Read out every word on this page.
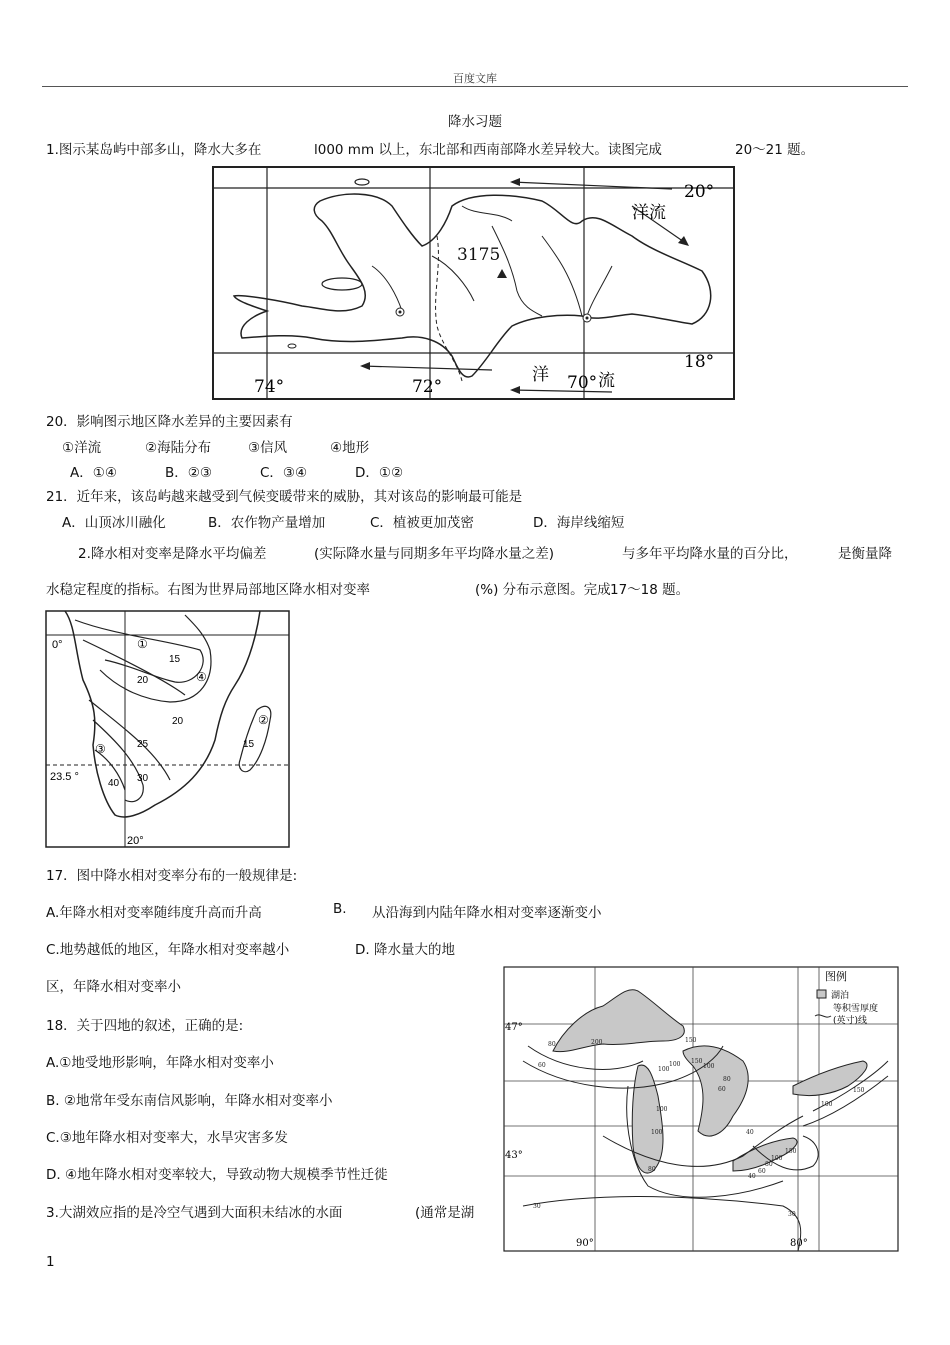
百度文库
降水习题
1.图示某岛屿中部多山，降水大多在	l000 mm 以上，东北部和西南部降水差异较大。读图完成	20～21 题。
3175
洋流
洋	流
20°
18°
74°	72°	70°
20．影响图示地区降水差异的主要因素有
①洋流	②海陆分布	③信风	④地形
A．①④	B．②③	C．③④	D．①②
21．近年来，该岛屿越来越受到气候变暖带来的威胁，其对该岛的影响最可能是
A．山顶冰川融化	B．农作物产量增加	C．植被更加茂密	D．海岸线缩短
2.降水相对变率是降水平均偏差	(实际降水量与同期多年平均降水量之差)	与多年平均降水量的百分比，	是衡量降
水稳定程度的指标。右图为世界局部地区降水相对变率	(%) 分布示意图。完成 17～18 题。
0°
23.5 °
20°
①
②
③
④
15
20
20
25
30
40
15
17．图中降水相对变率分布的一般规律是:
A.年降水相对变率随纬度升高而升高	B. 从沿海到内陆年降水相对变率逐渐变小
C.地势越低的地区，年降水相对变率越小	D. 降水量大的地
区，年降水相对变率小
18．关于四地的叙述，正确的是:
A.①地受地形影响，年降水相对变率小
B. ②地常年受东南信风影响，年降水相对变率小
C.③地年降水相对变率大，水旱灾害多发
D. ④地年降水相对变率较大，导致动物大规模季节性迁徙
3.大湖效应指的是冷空气遇到大面积未结冰的水面	(通常是湖
图例
湖泊
等积雪厚度
(英寸)线
47°
43°
90°	80°
80
60
200	150
100	100
150
100
80
60
100
100	40
80
100
150
40
60
80
100
150
30
30
1
